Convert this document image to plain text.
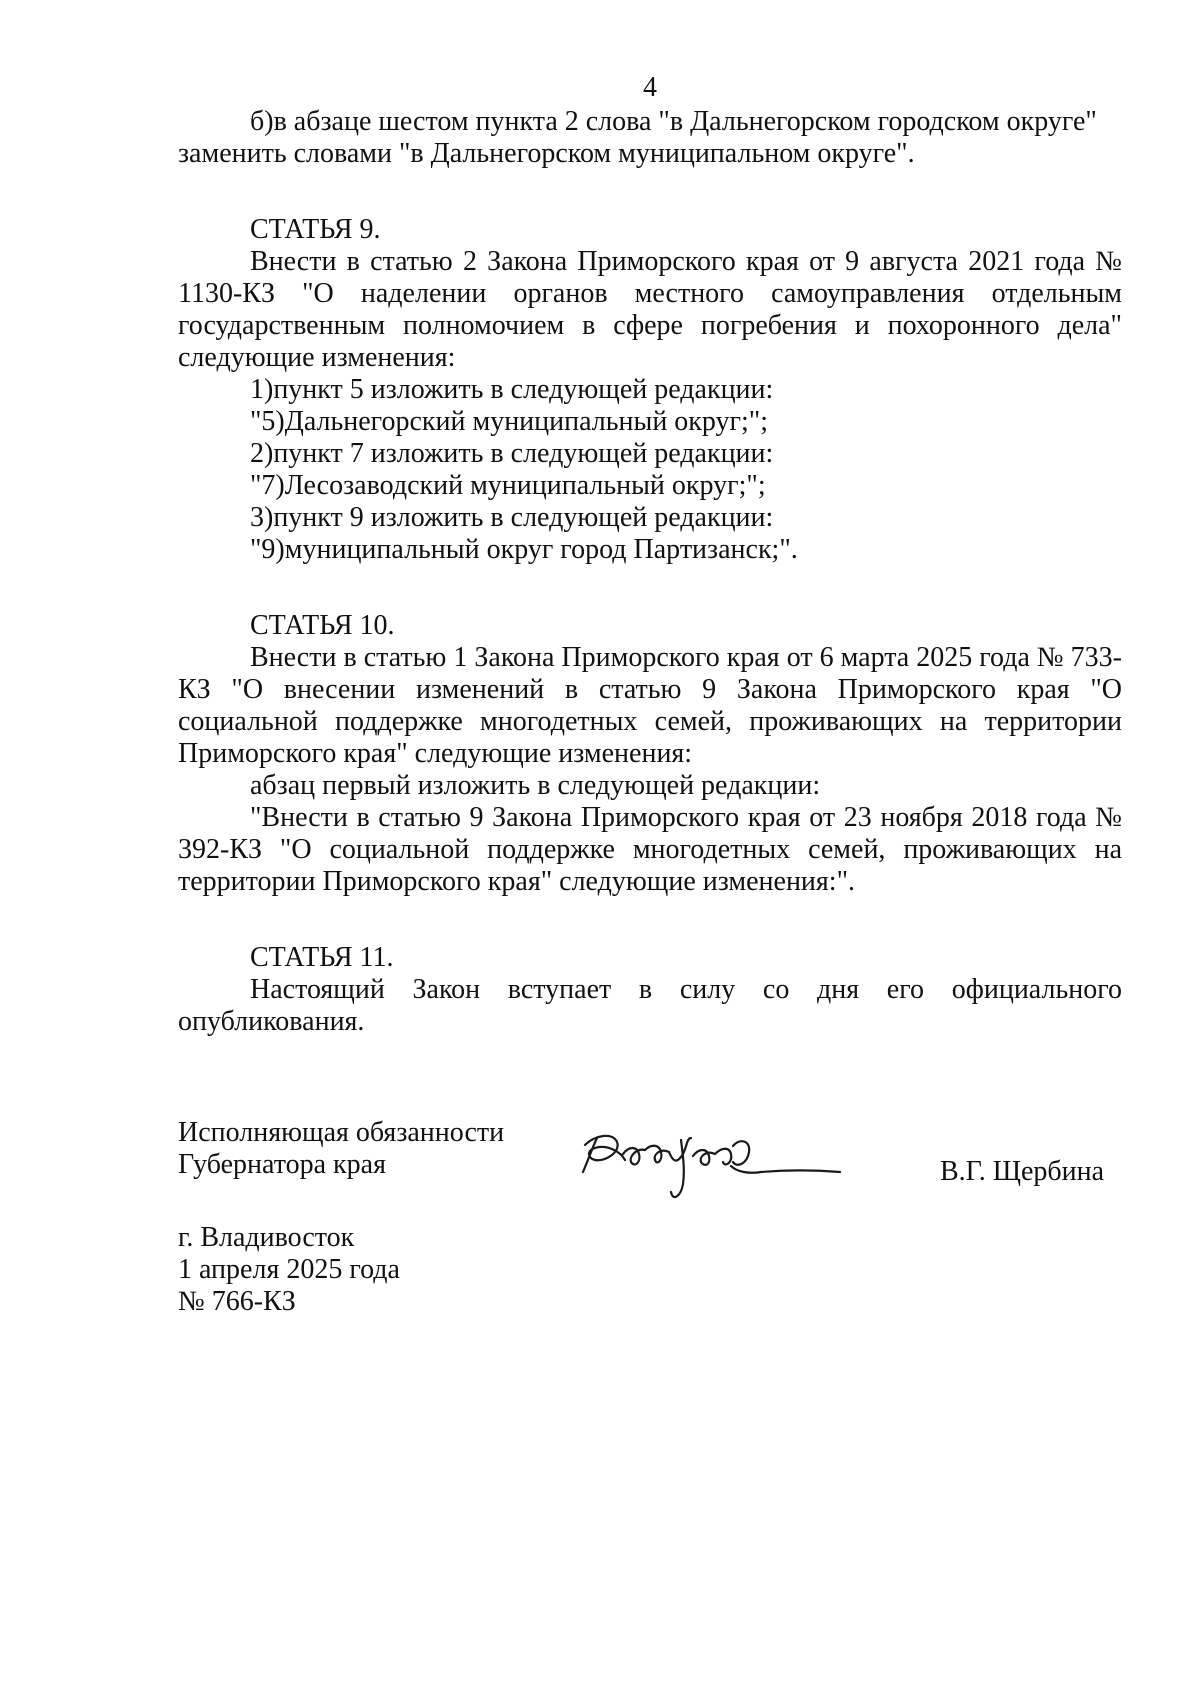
4

б)в абзаце шестом пункта 2 слова "в Дальнегорском городском округе"

заменить словами "в Дальнегорском муниципальном округе".

СТАТЬЯ 9.

Внести в статью 2 Закона Приморского края от 9 августа 2021 года № 1130-КЗ "О наделении органов местного самоуправления отдельным государственным полномочием в сфере погребения и похоронного дела" следующие изменения:

1)пункт 5 изложить в следующей редакции:

"5)Дальнегорский муниципальный округ;";

2)пункт 7 изложить в следующей редакции:

"7)Лесозаводский муниципальный округ;";

3)пункт 9 изложить в следующей редакции:

"9)муниципальный округ город Партизанск;".

СТАТЬЯ 10.

Внести в статью 1 Закона Приморского края от 6 марта 2025 года № 733-КЗ "О внесении изменений в статью 9 Закона Приморского края "О социальной поддержке многодетных семей, проживающих на территории Приморского края" следующие изменения:

абзац первый изложить в следующей редакции:

"Внести в статью 9 Закона Приморского края от 23 ноября 2018 года № 392-КЗ "О социальной поддержке многодетных семей, проживающих на территории Приморского края" следующие изменения:".

СТАТЬЯ 11.

Настоящий Закон вступает в силу со дня его официального опубликования.

Исполняющая обязанности
Губернатора края	В.Г. Щербина
г. Владивосток
1 апреля 2025 года
№ 766-КЗ
